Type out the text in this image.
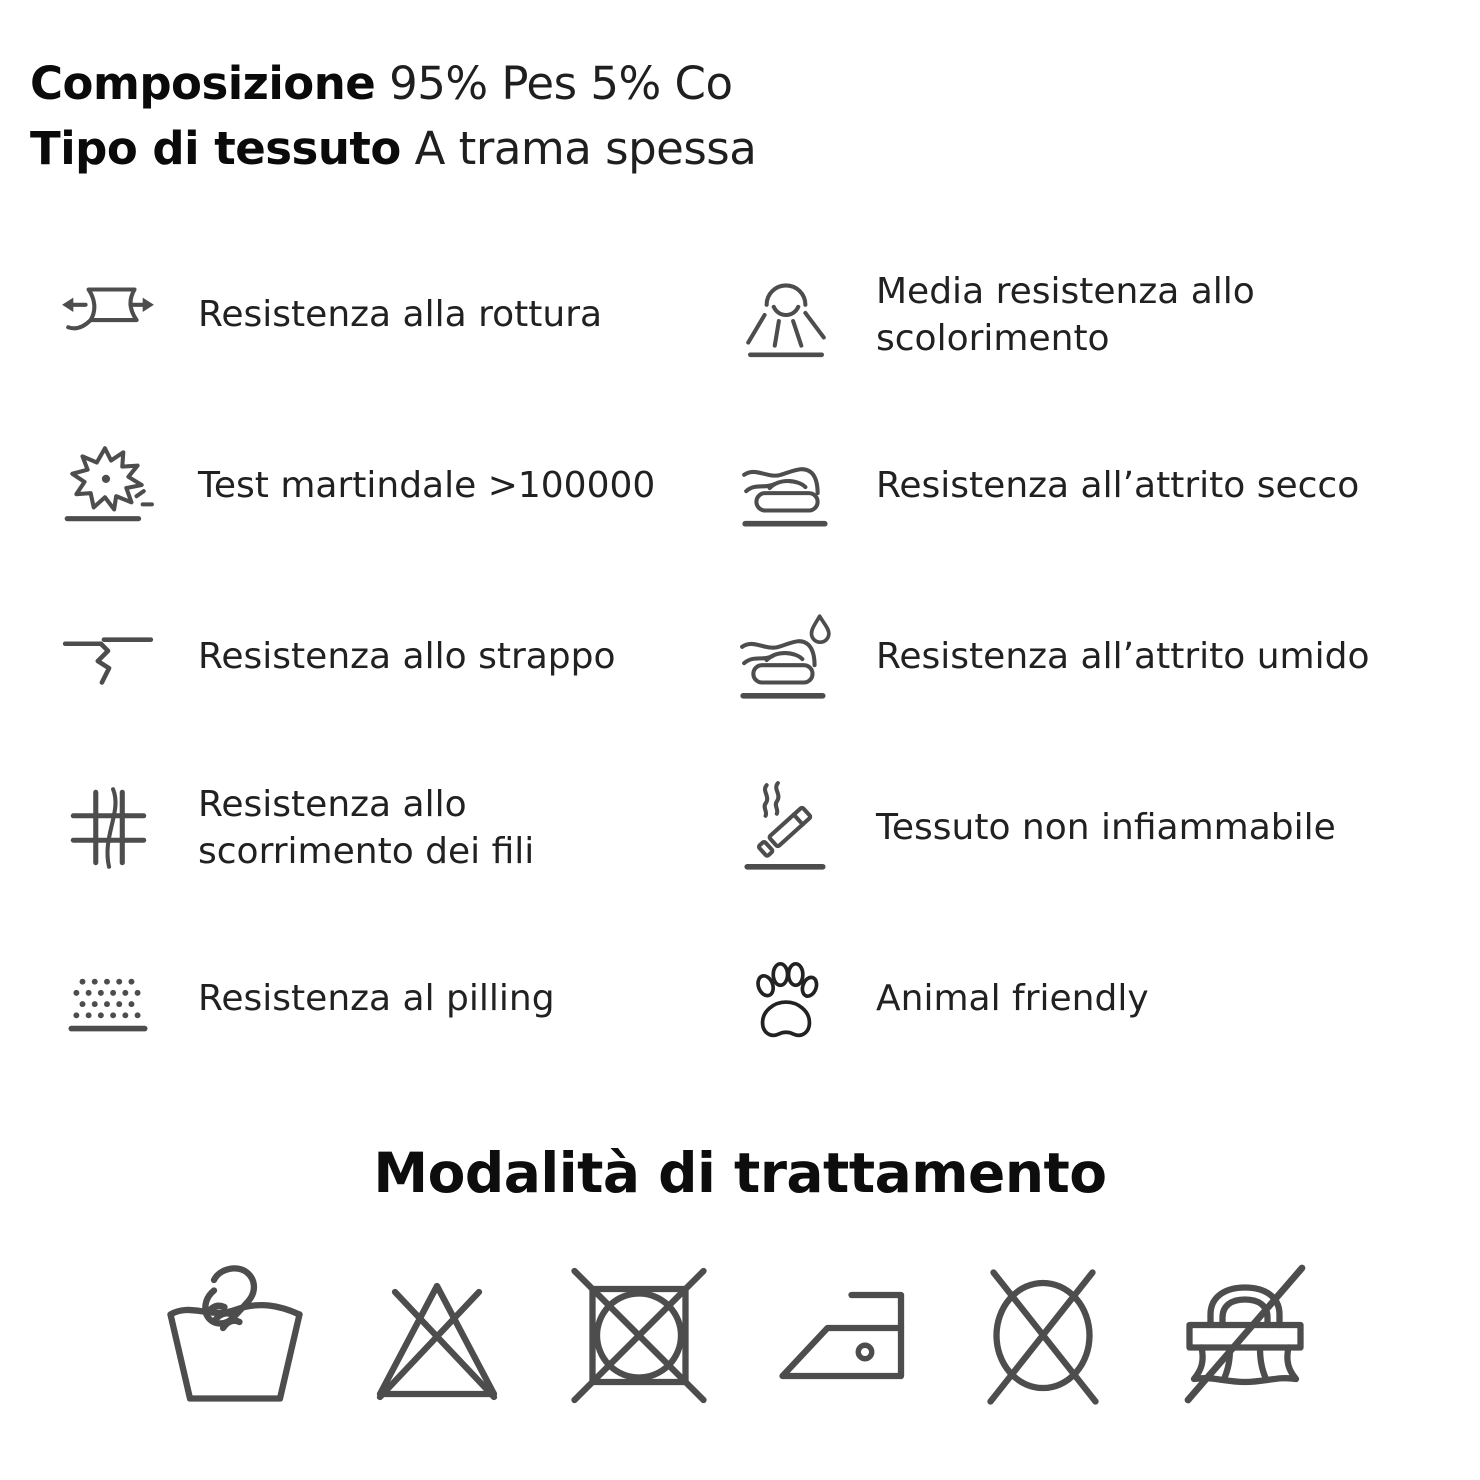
Composizione 95% Pes 5% Co
Tipo di tessuto A trama spessa
Resistenza alla rottura
Test martindale >100000
Resistenza allo strappo
Resistenza allo scorrimento dei fili
Resistenza al pilling
Media resistenza allo scolorimento
Resistenza all’attrito secco
Resistenza all’attrito umido
Tessuto non infiammabile
Animal friendly
Modalità di trattamento
